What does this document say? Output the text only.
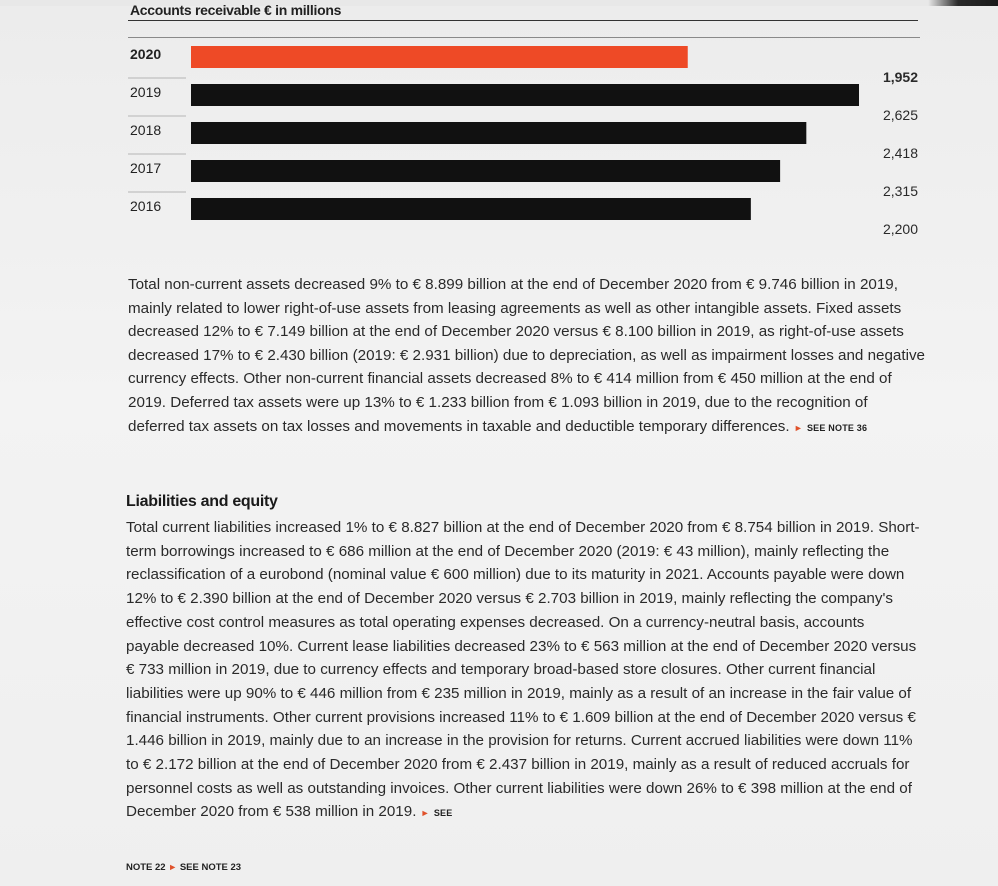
Accounts receivable € in millions
2020
1,952
2019
2,625
2018
2,418
2017
2,315
2016
2,200

Total non-current assets decreased 9% to € 8.899 billion at the end of December 2020 from € 9.746 billion in 2019, mainly related to lower right-of-use assets from leasing agreements as well as other intangible assets. Fixed assets decreased 12% to € 7.149 billion at the end of December 2020 versus € 8.100 billion in 2019, as right-of-use assets decreased 17% to € 2.430 billion (2019: € 2.931 billion) due to depreciation, as well as impairment losses and negative currency effects. Other non-current financial assets decreased 8% to € 414 million from € 450 million at the end of 2019. Deferred tax assets were up 13% to € 1.233 billion from € 1.093 billion in 2019, due to the recognition of deferred tax assets on tax losses and movements in taxable and deductible temporary differences. ► SEE NOTE 36

Liabilities and equity

Total current liabilities increased 1% to € 8.827 billion at the end of December 2020 from € 8.754 billion in 2019. Short-term borrowings increased to € 686 million at the end of December 2020 (2019: € 43 million), mainly reflecting the reclassification of a eurobond (nominal value € 600 million) due to its maturity in 2021. Accounts payable were down 12% to € 2.390 billion at the end of December 2020 versus € 2.703 billion in 2019, mainly reflecting the company's effective cost control measures as total operating expenses decreased. On a currency-neutral basis, accounts payable decreased 10%. Current lease liabilities decreased 23% to € 563 million at the end of December 2020 versus € 733 million in 2019, due to currency effects and temporary broad-based store closures. Other current financial liabilities were up 90% to € 446 million from € 235 million in 2019, mainly as a result of an increase in the fair value of financial instruments. Other current provisions increased 11% to € 1.609 billion at the end of December 2020 versus € 1.446 billion in 2019, mainly due to an increase in the provision for returns. Current accrued liabilities were down 11% to € 2.172 billion at the end of December 2020 from € 2.437 billion in 2019, mainly as a result of reduced accruals for personnel costs as well as outstanding invoices. Other current liabilities were down 26% to € 398 million at the end of December 2020 from € 538 million in 2019. ► SEE

NOTE 22 ► SEE NOTE 23
